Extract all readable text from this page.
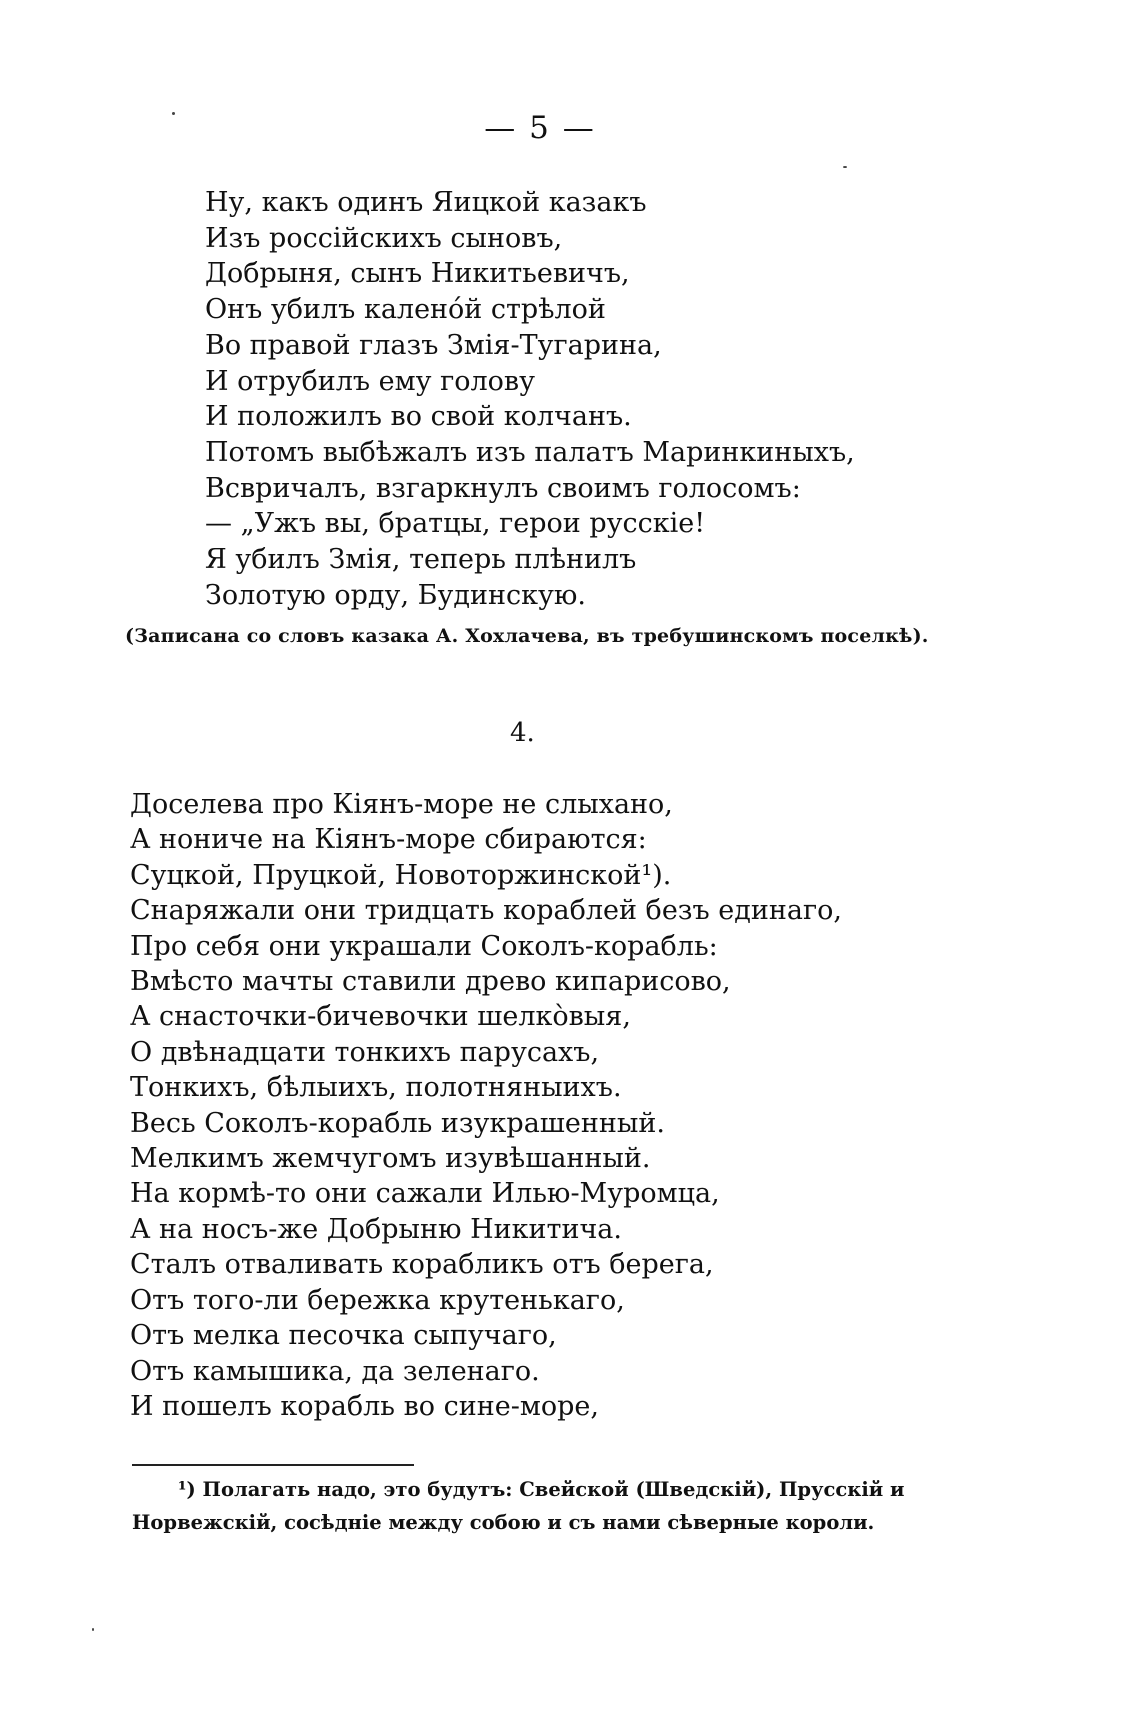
— 5 —
Ну, какъ одинъ Яицкой казакъ
Изъ россійскихъ сыновъ,
Добрыня, сынъ Никитьевичъ,
Онъ убилъ каленóй стрѣлой
Во правой глазъ Змія-Тугарина,
И отрубилъ ему голову
И положилъ во свой колчанъ.
Потомъ выбѣжалъ изъ палатъ Маринкиныхъ,
Всвричалъ, взгаркнулъ своимъ голосомъ:
— „Ужъ вы, братцы, герои русскіе!
Я убилъ Змія, теперь плѣнилъ
Золотую орду, Будинскую.
(Записана со словъ казака А. Хохлачева, въ требушинскомъ поселкѣ).
4.
Доселева про Кіянъ-море не слыхано,
А нониче на Кіянъ-море сбираются:
Суцкой, Пруцкой, Новоторжинской¹).
Снаряжали они тридцать кораблей безъ единаго,
Про себя они украшали Соколъ-корабль:
Вмѣсто мачты ставили древо кипарисово,
А снасточки-бичевочки шелкòвыя,
О двѣнадцати тонкихъ парусахъ,
Тонкихъ, бѣлыихъ, полотняныихъ.
Весь Соколъ-корабль изукрашенный.
Мелкимъ жемчугомъ изувѣшанный.
На кормѣ-то они сажали Илью-Муромца,
А на носъ-же Добрыню Никитича.
Сталъ отваливать корабликъ отъ берега,
Отъ того-ли бережка крутенькаго,
Отъ мелка песочка сыпучаго,
Отъ камышика, да зеленаго.
И пошелъ корабль во сине-море,
¹) Полагать надо, это будутъ: Свейской (Шведскій), Прусскій и
Норвежскій, сосѣдніе между собою и съ нами сѣверные короли.
